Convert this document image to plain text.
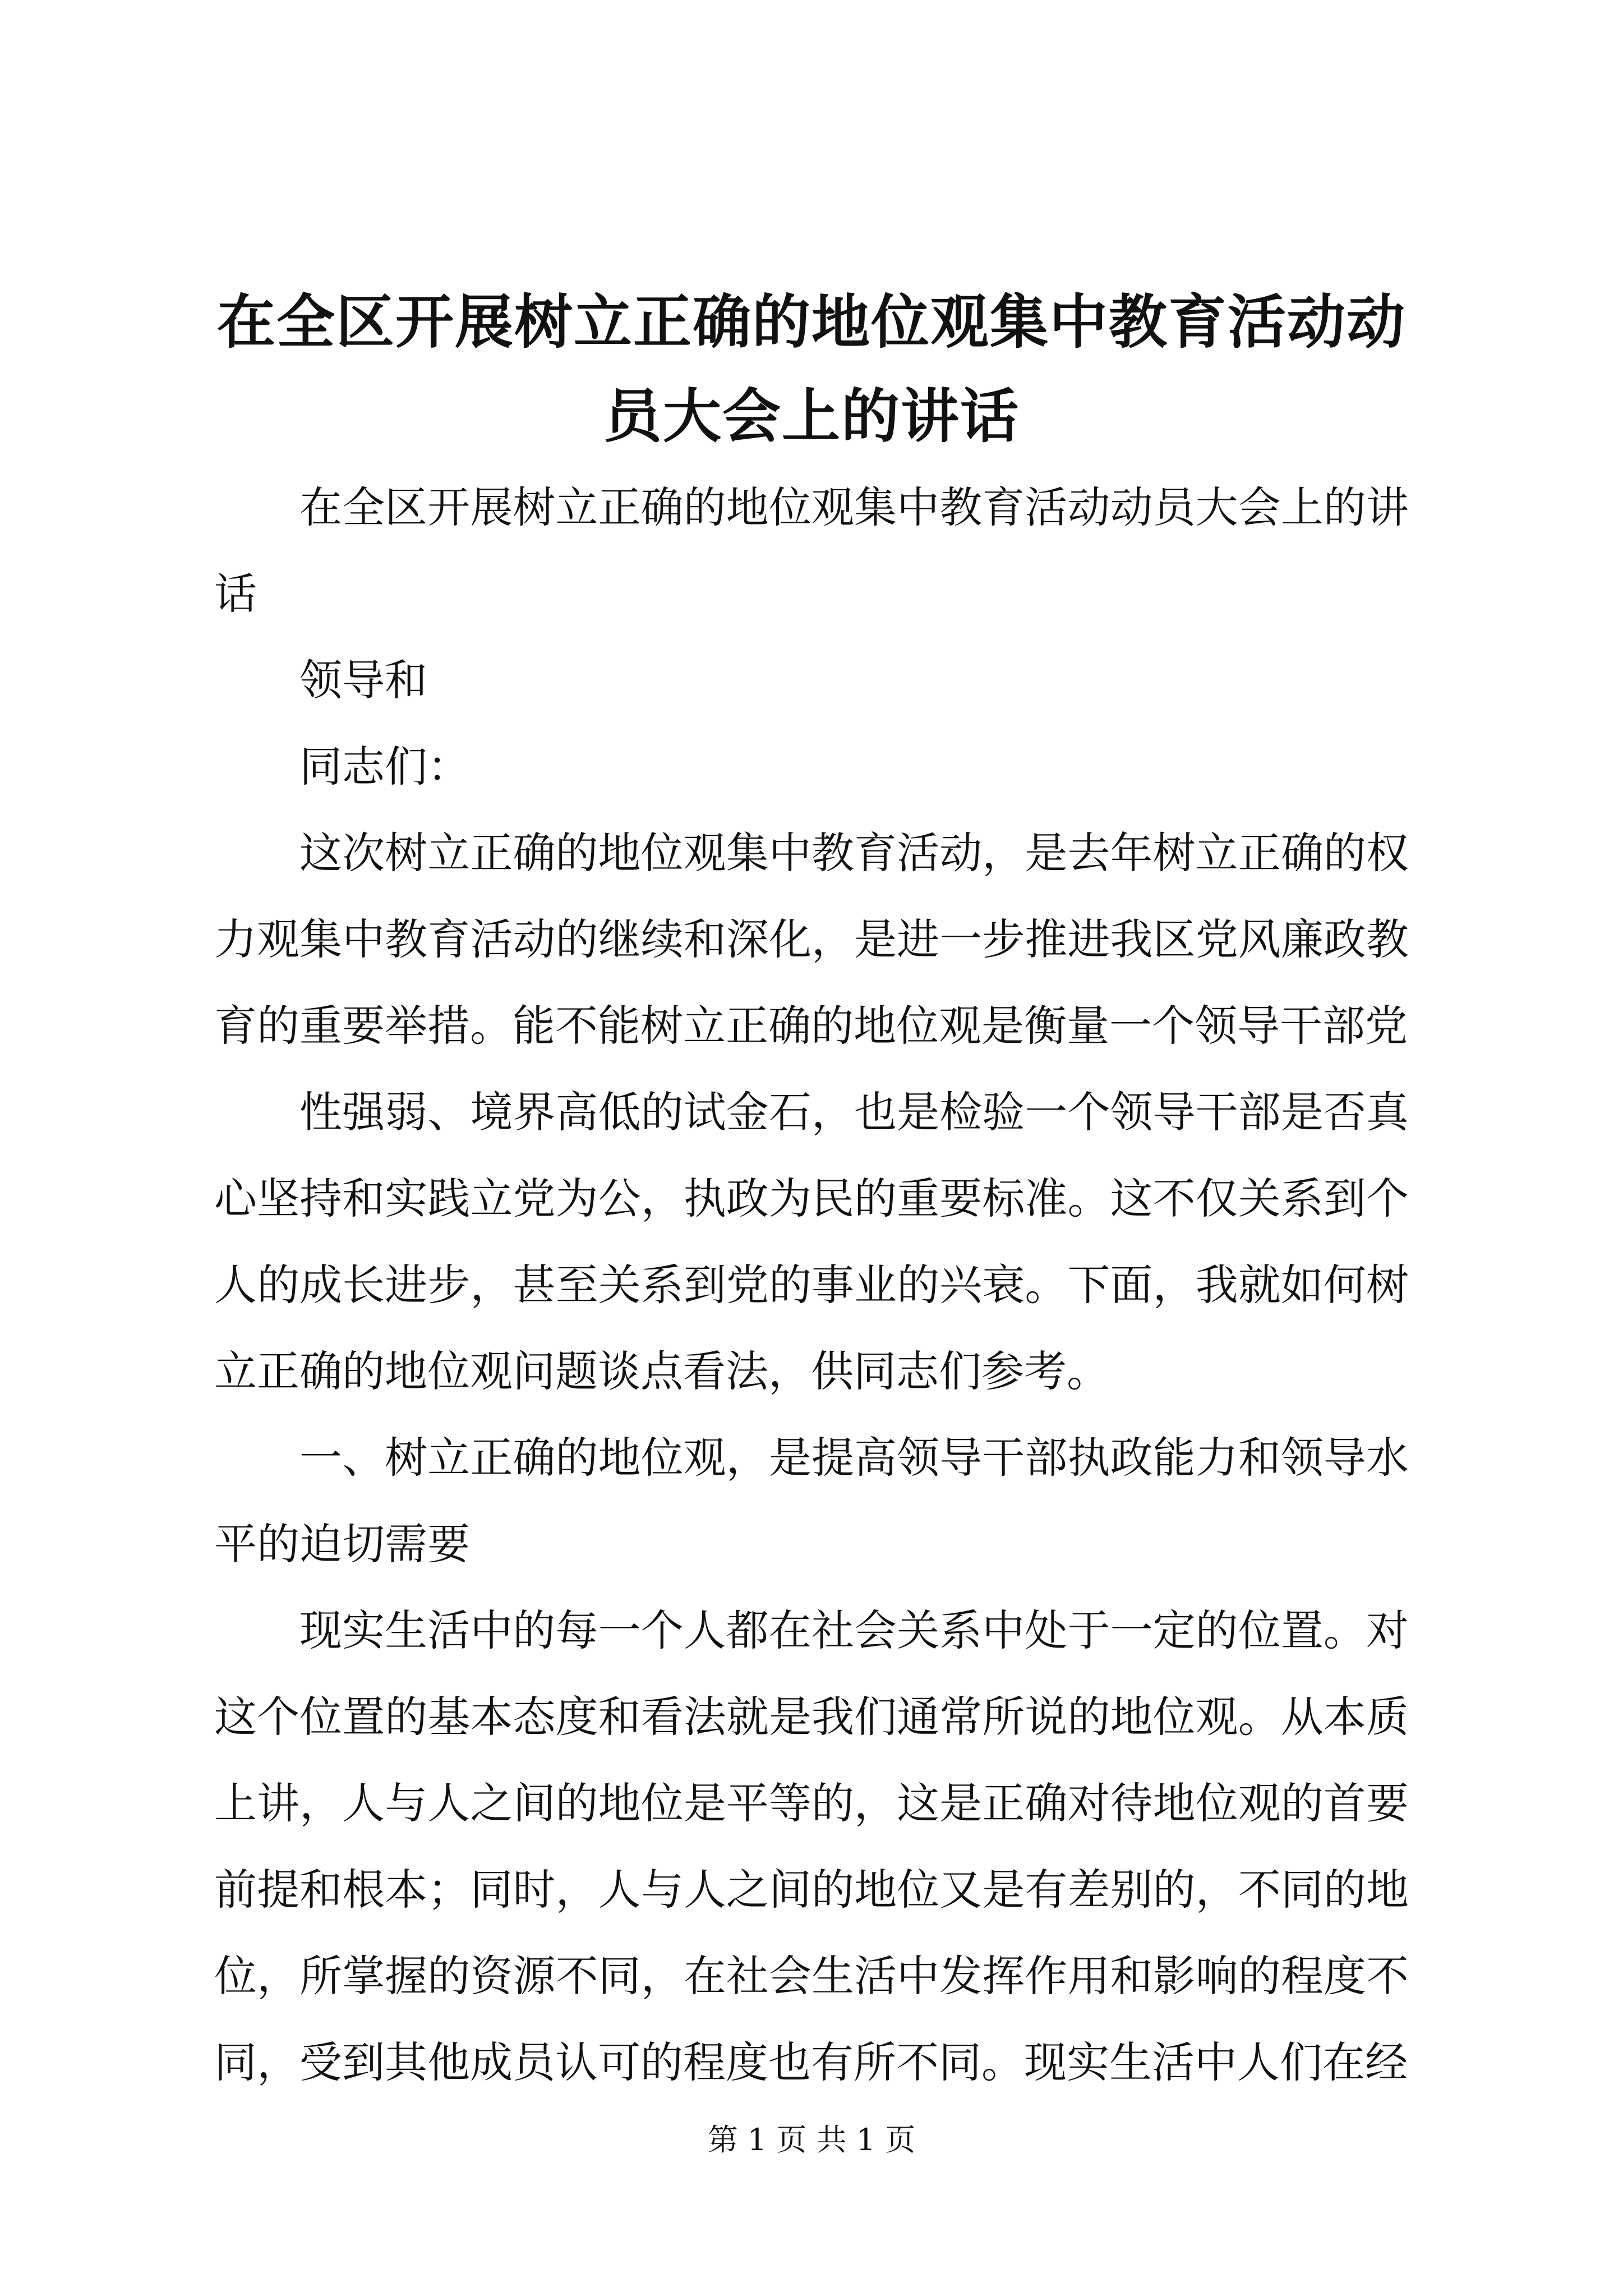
在全区开展树立正确的地位观集中教育活动动
员大会上的讲话

在全区开展树立正确的地位观集中教育活动动员大会上的讲话

领导和

同志们：

这次树立正确的地位观集中教育活动，是去年树立正确的权力观集中教育活动的继续和深化，是进一步推进我区党风廉政教育的重要举措。能不能树立正确的地位观是衡量一个领导干部党

性强弱、境界高低的试金石，也是检验一个领导干部是否真心坚持和实践立党为公，执政为民的重要标准。这不仅关系到个人的成长进步，甚至关系到党的事业的兴衰。下面，我就如何树立正确的地位观问题谈点看法，供同志们参考。

一、树立正确的地位观，是提高领导干部执政能力和领导水平的迫切需要

现实生活中的每一个人都在社会关系中处于一定的位置。对这个位置的基本态度和看法就是我们通常所说的地位观。从本质上讲，人与人之间的地位是平等的，这是正确对待地位观的首要前提和根本；同时，人与人之间的地位又是有差别的，不同的地位，所掌握的资源不同，在社会生活中发挥作用和影响的程度不同，受到其他成员认可的程度也有所不同。现实生活中人们在经

第 1 页 共 1 页
